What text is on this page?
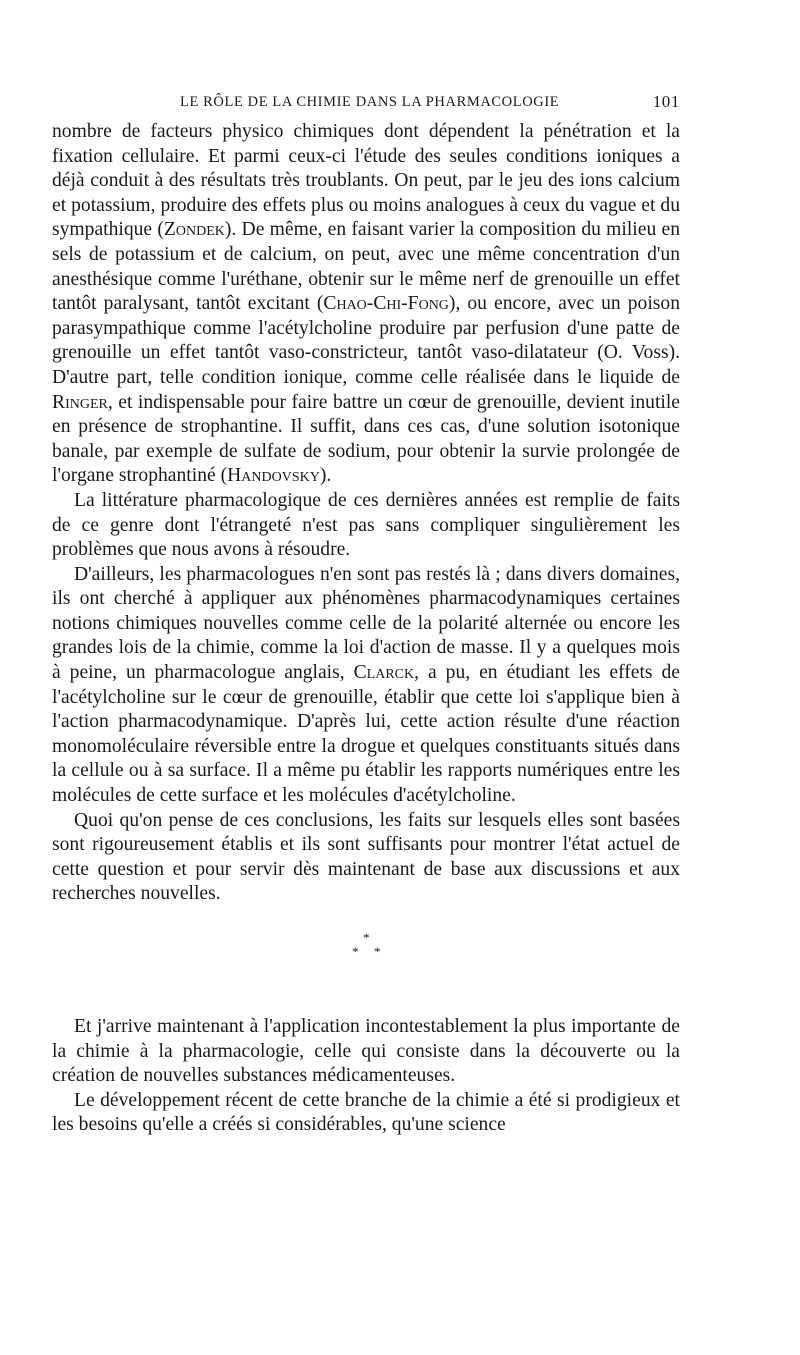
LE RÔLE DE LA CHIMIE DANS LA PHARMACOLOGIE	101

nombre de facteurs physico chimiques dont dépendent la pénétration et la fixation cellulaire. Et parmi ceux-ci l'étude des seules conditions ioniques a déjà conduit à des résultats très troublants. On peut, par le jeu des ions calcium et potassium, produire des effets plus ou moins analogues à ceux du vague et du sympathique (Zondek). De même, en faisant varier la composition du milieu en sels de potassium et de calcium, on peut, avec une même concentration d'un anesthésique comme l'uréthane, obtenir sur le même nerf de grenouille un effet tantôt paralysant, tantôt excitant (Chao-Chi-Fong), ou encore, avec un poison parasympathique comme l'acétylcholine produire par perfusion d'une patte de grenouille un effet tantôt vaso-constricteur, tantôt vaso-dilatateur (O. Voss). D'autre part, telle condition ionique, comme celle réalisée dans le liquide de Ringer, et indispensable pour faire battre un cœur de grenouille, devient inutile en présence de strophantine. Il suffit, dans ces cas, d'une solution isotonique banale, par exemple de sulfate de sodium, pour obtenir la survie prolongée de l'organe strophantiné (Handovsky).

La littérature pharmacologique de ces dernières années est remplie de faits de ce genre dont l'étrangeté n'est pas sans compliquer singulièrement les problèmes que nous avons à résoudre.

D'ailleurs, les pharmacologues n'en sont pas restés là ; dans divers domaines, ils ont cherché à appliquer aux phénomènes pharmacodynamiques certaines notions chimiques nouvelles comme celle de la polarité alternée ou encore les grandes lois de la chimie, comme la loi d'action de masse. Il y a quelques mois à peine, un pharmacologue anglais, Clarck, a pu, en étudiant les effets de l'acétylcholine sur le cœur de grenouille, établir que cette loi s'applique bien à l'action pharmacodynamique. D'après lui, cette action résulte d'une réaction monomoléculaire réversible entre la drogue et quelques constituants situés dans la cellule ou à sa surface. Il a même pu établir les rapports numériques entre les molécules de cette surface et les molécules d'acétylcholine.

Quoi qu'on pense de ces conclusions, les faits sur lesquels elles sont basées sont rigoureusement établis et ils sont suffisants pour montrer l'état actuel de cette question et pour servir dès maintenant de base aux discussions et aux recherches nouvelles.

*
* *

Et j'arrive maintenant à l'application incontestablement la plus importante de la chimie à la pharmacologie, celle qui consiste dans la découverte ou la création de nouvelles substances médicamenteuses.

Le développement récent de cette branche de la chimie a été si prodigieux et les besoins qu'elle a créés si considérables, qu'une science
